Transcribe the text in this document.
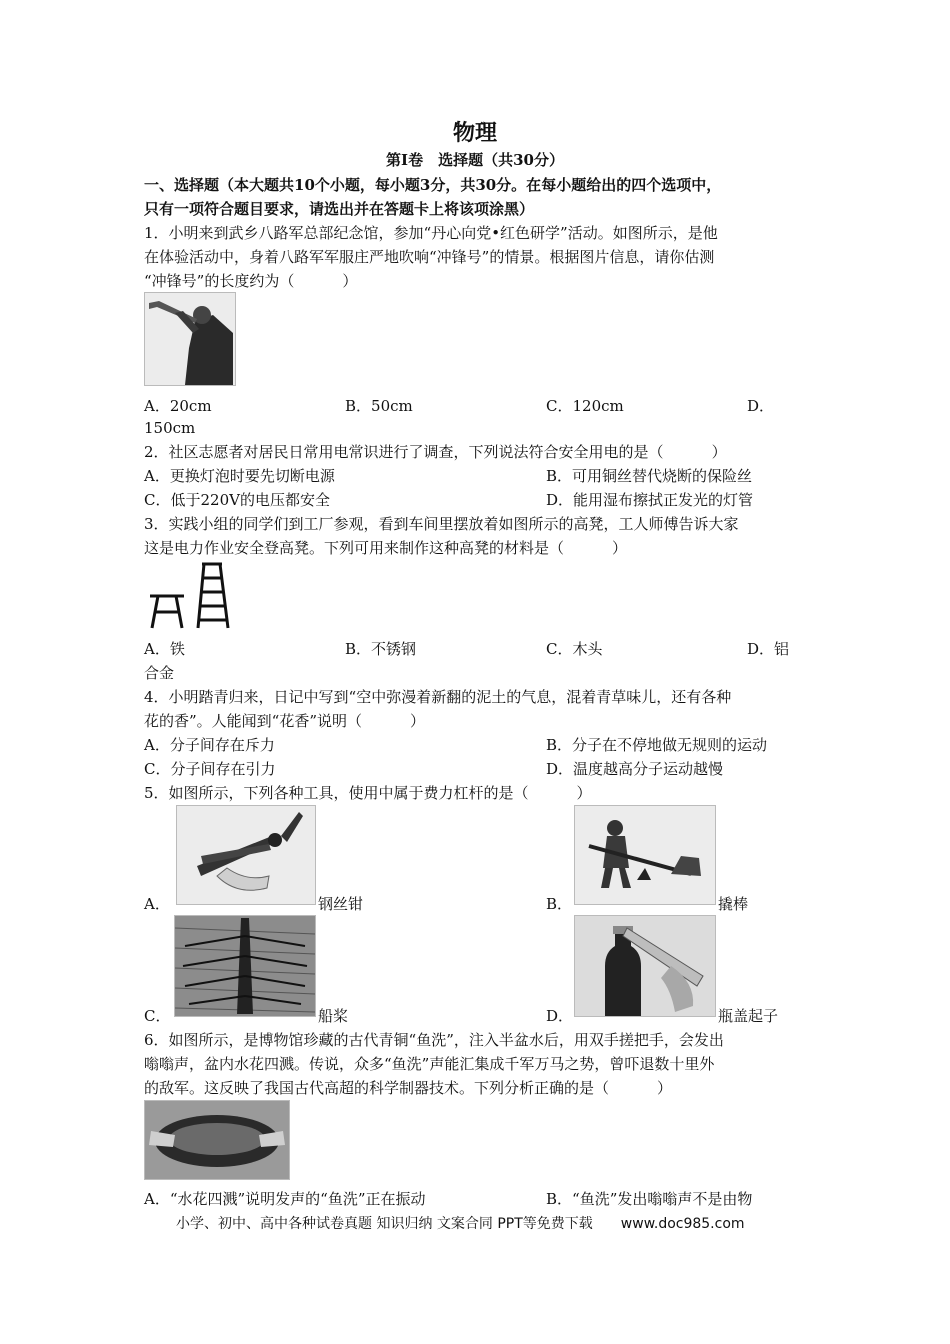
物理
第Ⅰ卷　选择题（共30分）
一、选择题（本大题共10个小题，每小题3分，共30分。在每小题给出的四个选项中，
只有一项符合题目要求，请选出并在答题卡上将该项涂黑）
1．小明来到武乡八路军总部纪念馆，参加“丹心向党•红色研学”活动。如图所示，是他
在体验活动中，身着八路军军服庄严地吹响“冲锋号”的情景。根据图片信息，请你估测
“冲锋号”的长度约为（	）
A．20cm	B．50cm	C．120cm	D．
150cm
2．社区志愿者对居民日常用电常识进行了调查，下列说法符合安全用电的是（	）
A．更换灯泡时要先切断电源	B．可用铜丝替代烧断的保险丝
C．低于220V的电压都安全	D．能用湿布擦拭正发光的灯管
3．实践小组的同学们到工厂参观，看到车间里摆放着如图所示的高凳，工人师傅告诉大家
这是电力作业安全登高凳。下列可用来制作这种高凳的材料是（	）
A．铁	B．不锈钢	C．木头	D．铝
合金
4．小明踏青归来，日记中写到“空中弥漫着新翻的泥土的气息，混着青草味儿，还有各种
花的香”。人能闻到“花香”说明（	）
A．分子间存在斥力	B．分子在不停地做无规则的运动
C．分子间存在引力	D．温度越高分子运动越慢
5．如图所示，下列各种工具，使用中属于费力杠杆的是（	）
A．	钢丝钳	B．	撬棒
C．	船桨	D．	瓶盖起子
6．如图所示，是博物馆珍藏的古代青铜“鱼洗”，注入半盆水后，用双手搓把手，会发出
嗡嗡声，盆内水花四溅。传说，众多“鱼洗”声能汇集成千军万马之势，曾吓退数十里外
的敌军。这反映了我国古代高超的科学制器技术。下列分析正确的是（	）
A．“水花四溅”说明发声的“鱼洗”正在振动	B．“鱼洗”发出嗡嗡声不是由物
小学、初中、高中各种试卷真题 知识归纳 文案合同 PPT等免费下载 www.doc985.com
